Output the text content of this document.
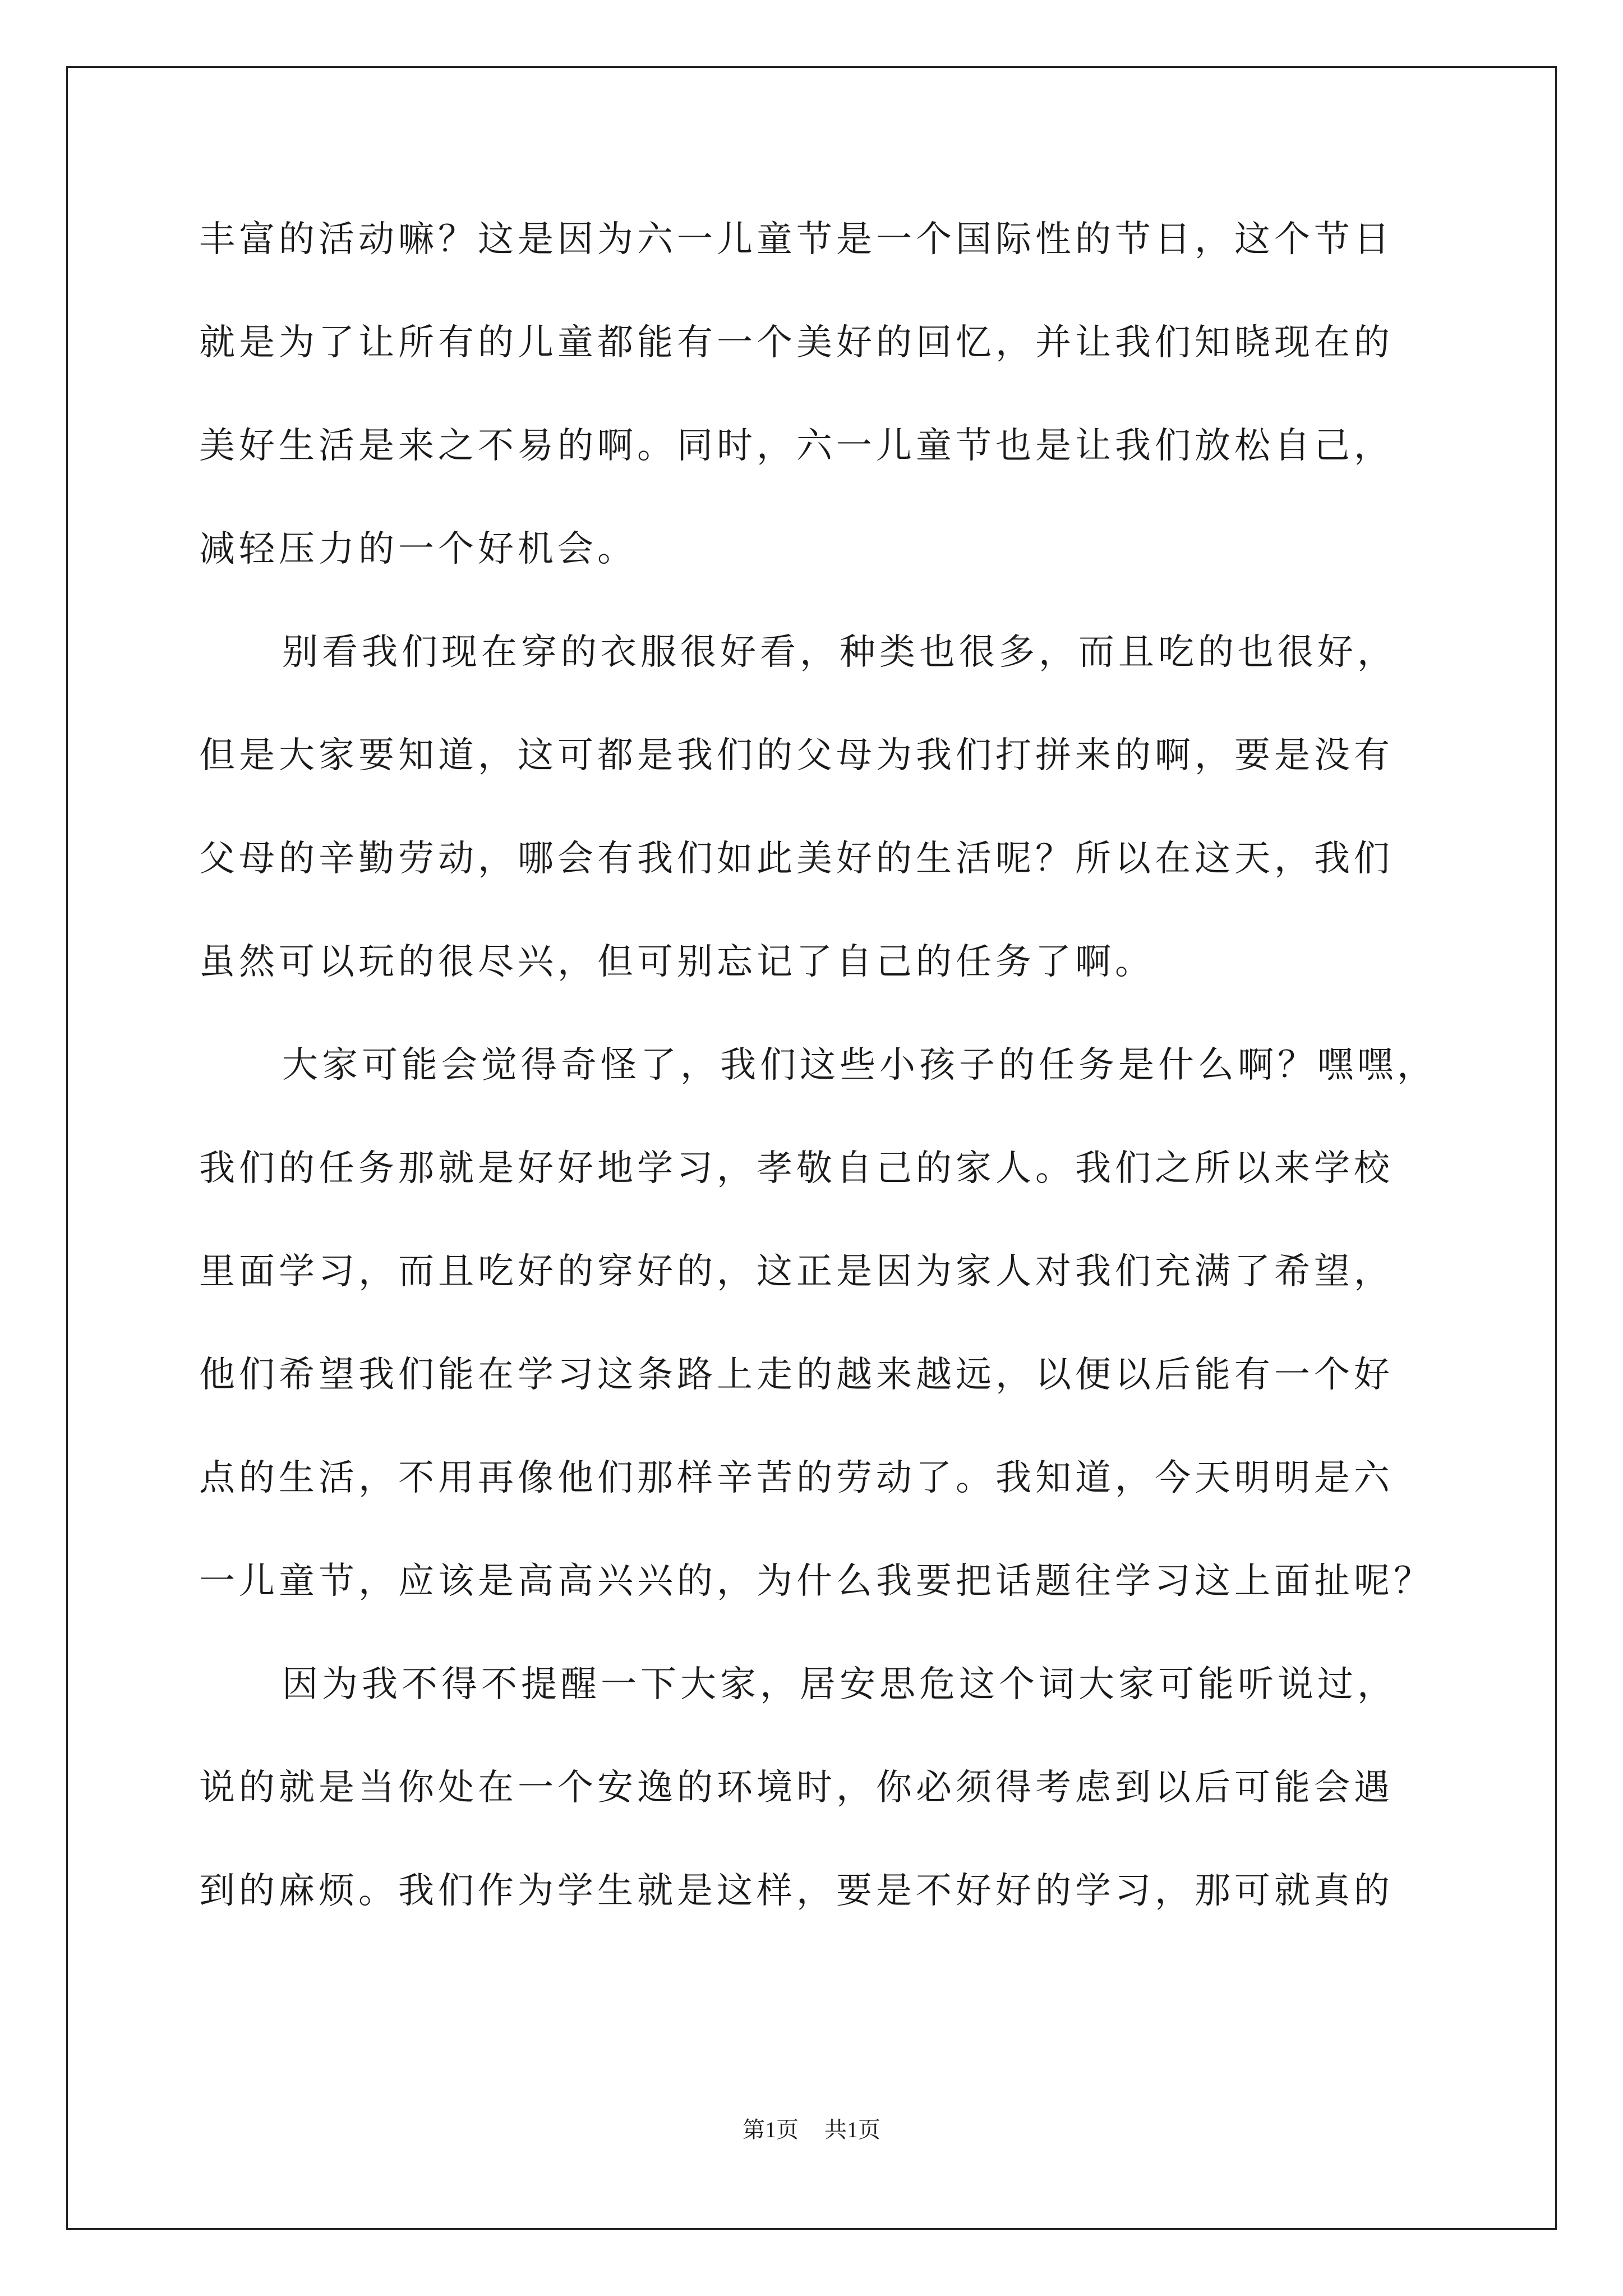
丰富的活动嘛？这是因为六一儿童节是一个国际性的节日，这个节日
就是为了让所有的儿童都能有一个美好的回忆，并让我们知晓现在的
美好生活是来之不易的啊。同时，六一儿童节也是让我们放松自己，
减轻压力的一个好机会。
别看我们现在穿的衣服很好看，种类也很多，而且吃的也很好，
但是大家要知道，这可都是我们的父母为我们打拼来的啊，要是没有
父母的辛勤劳动，哪会有我们如此美好的生活呢？所以在这天，我们
虽然可以玩的很尽兴，但可别忘记了自己的任务了啊。
大家可能会觉得奇怪了，我们这些小孩子的任务是什么啊？嘿嘿，
我们的任务那就是好好地学习，孝敬自己的家人。我们之所以来学校
里面学习，而且吃好的穿好的，这正是因为家人对我们充满了希望，
他们希望我们能在学习这条路上走的越来越远，以便以后能有一个好
点的生活，不用再像他们那样辛苦的劳动了。我知道，今天明明是六
一儿童节，应该是高高兴兴的，为什么我要把话题往学习这上面扯呢？
因为我不得不提醒一下大家，居安思危这个词大家可能听说过，
说的就是当你处在一个安逸的环境时，你必须得考虑到以后可能会遇
到的麻烦。我们作为学生就是这样，要是不好好的学习，那可就真的
第1页 共1页
